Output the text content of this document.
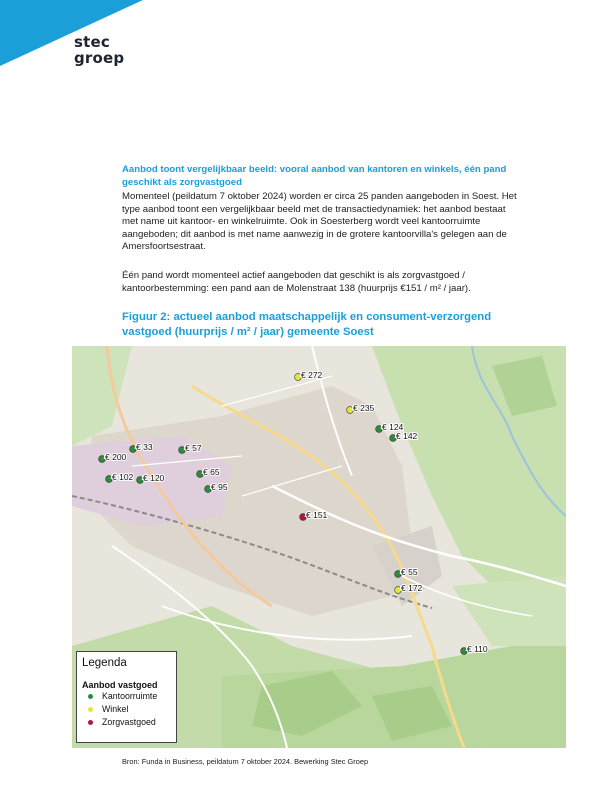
stec
groep
Aanbod toont vergelijkbaar beeld: vooral aanbod van kantoren en winkels, één pand geschikt als zorgvastgoed
Momenteel (peildatum 7 oktober 2024) worden er circa 25 panden aangeboden in Soest. Het type aanbod toont een vergelijkbaar beeld met de transactiedynamiek: het aanbod bestaat met name uit kantoor- en winkelruimte. Ook in Soesterberg wordt veel kantoorruimte aangeboden; dit aanbod is met name aanwezig in de grotere kantoorvilla's gelegen aan de Amersfoortsestraat.
Één pand wordt momenteel actief aangeboden dat geschikt is als zorgvastgoed / kantoorbestemming: een pand aan de Molenstraat 138 (huurprijs €151 / m² / jaar).
Figuur 2: actueel aanbod maatschappelijk en consument-verzorgend vastgoed (huurprijs / m² / jaar) gemeente Soest
€ 272
€ 235
€ 124
€ 142
€ 33	€ 57
€ 200
€ 102 € 120
€ 65
€ 95
€ 151
€ 55
€ 172
€ 110
Legenda
Aanbod vastgoed
Kantoorruimte
Winkel
Zorgvastgoed
Bron: Funda in Business, peildatum 7 oktober 2024. Bewerking Stec Groep
